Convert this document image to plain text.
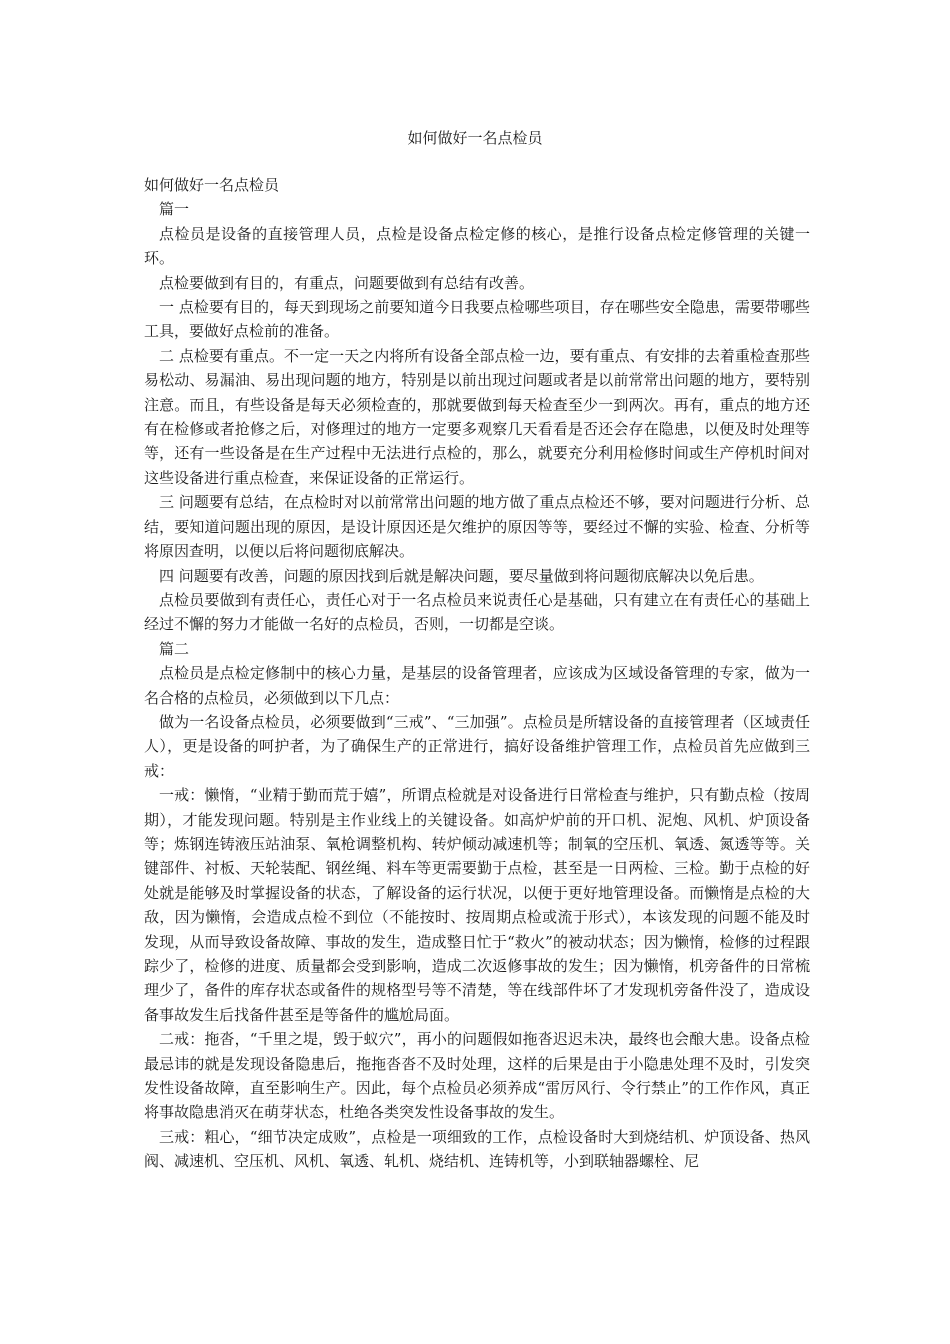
如何做好一名点检员

如何做好一名点检员

篇一

点检员是设备的直接管理人员，点检是设备点检定修的核心，是推行设备点检定修管理的关键一环。

点检要做到有目的，有重点，问题要做到有总结有改善。

一 点检要有目的，每天到现场之前要知道今日我要点检哪些项目，存在哪些安全隐患，需要带哪些工具，要做好点检前的准备。

二 点检要有重点。不一定一天之内将所有设备全部点检一边，要有重点、有安排的去着重检查那些易松动、易漏油、易出现问题的地方，特别是以前出现过问题或者是以前常常出问题的地方，要特别注意。而且，有些设备是每天必须检查的，那就要做到每天检查至少一到两次。再有，重点的地方还有在检修或者抢修之后，对修理过的地方一定要多观察几天看看是否还会存在隐患，以便及时处理等等，还有一些设备是在生产过程中无法进行点检的，那么，就要充分利用检修时间或生产停机时间对这些设备进行重点检查，来保证设备的正常运行。

三 问题要有总结，在点检时对以前常常出问题的地方做了重点点检还不够，要对问题进行分析、总结，要知道问题出现的原因，是设计原因还是欠维护的原因等等，要经过不懈的实验、检查、分析等将原因查明，以便以后将问题彻底解决。

四 问题要有改善，问题的原因找到后就是解决问题，要尽量做到将问题彻底解决以免后患。

点检员要做到有责任心，责任心对于一名点检员来说责任心是基础，只有建立在有责任心的基础上经过不懈的努力才能做一名好的点检员，否则，一切都是空谈。

篇二

点检员是点检定修制中的核心力量，是基层的设备管理者，应该成为区域设备管理的专家，做为一名合格的点检员，必须做到以下几点：

做为一名设备点检员，必须要做到“三戒”、“三加强”。点检员是所辖设备的直接管理者（区域责任人），更是设备的呵护者，为了确保生产的正常进行，搞好设备维护管理工作，点检员首先应做到三戒：

一戒：懒惰，“业精于勤而荒于嬉”，所谓点检就是对设备进行日常检查与维护，只有勤点检（按周期），才能发现问题。特别是主作业线上的关键设备。如高炉炉前的开口机、泥炮、风机、炉顶设备等；炼钢连铸液压站油泵、氧枪调整机构、转炉倾动减速机等；制氧的空压机、氧透、氮透等等。关键部件、衬板、天轮装配、钢丝绳、料车等更需要勤于点检，甚至是一日两检、三检。勤于点检的好处就是能够及时掌握设备的状态，了解设备的运行状况，以便于更好地管理设备。而懒惰是点检的大敌，因为懒惰，会造成点检不到位（不能按时、按周期点检或流于形式），本该发现的问题不能及时发现，从而导致设备故障、事故的发生，造成整日忙于“救火”的被动状态；因为懒惰，检修的过程跟踪少了，检修的进度、质量都会受到影响，造成二次返修事故的发生；因为懒惰，机旁备件的日常梳理少了，备件的库存状态或备件的规格型号等不清楚，等在线部件坏了才发现机旁备件没了，造成设备事故发生后找备件甚至是等备件的尴尬局面。

二戒：拖沓，“千里之堤，毁于蚁穴”，再小的问题假如拖沓迟迟未决，最终也会酿大患。设备点检最忌讳的就是发现设备隐患后，拖拖沓沓不及时处理，这样的后果是由于小隐患处理不及时，引发突发性设备故障，直至影响生产。因此，每个点检员必须养成“雷厉风行、令行禁止”的工作作风，真正将事故隐患消灭在萌芽状态，杜绝各类突发性设备事故的发生。

三戒：粗心，“细节决定成败”，点检是一项细致的工作，点检设备时大到烧结机、炉顶设备、热风阀、减速机、空压机、风机、氧透、轧机、烧结机、连铸机等，小到联轴器螺栓、尼
